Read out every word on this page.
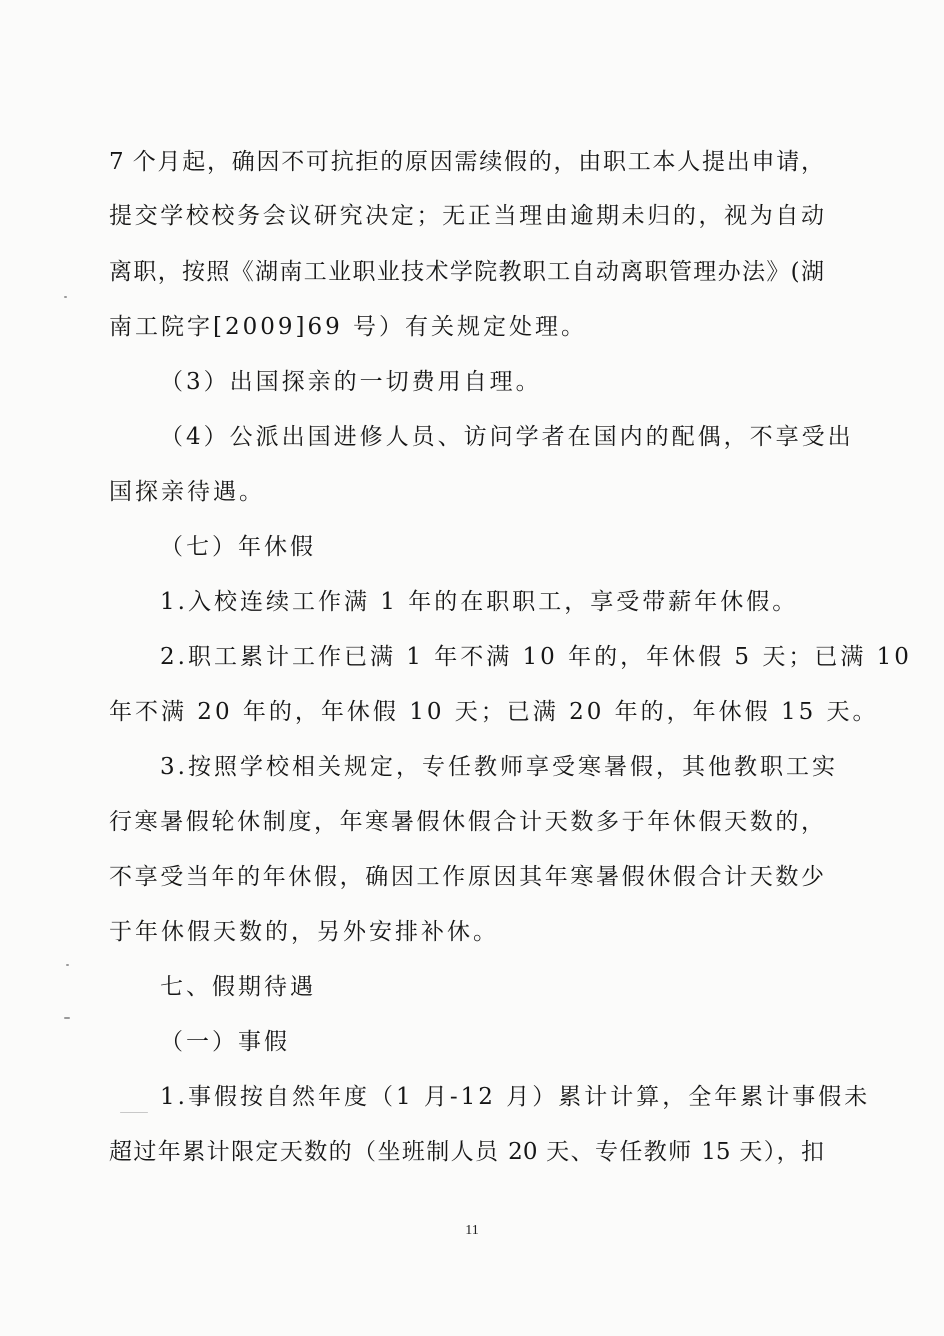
7 个月起，确因不可抗拒的原因需续假的，由职工本人提出申请，
提交学校校务会议研究决定；无正当理由逾期未归的，视为自动
离职，按照《湖南工业职业技术学院教职工自动离职管理办法》(湖
南工院字[2009]69 号）有关规定处理。
（3）出国探亲的一切费用自理。
（4）公派出国进修人员、访问学者在国内的配偶，不享受出
国探亲待遇。
（七）年休假
1.入校连续工作满 1 年的在职职工，享受带薪年休假。
2.职工累计工作已满 1 年不满 10 年的，年休假 5 天；已满 10
年不满 20 年的，年休假 10 天；已满 20 年的，年休假 15 天。
3.按照学校相关规定，专任教师享受寒暑假，其他教职工实
行寒暑假轮休制度，年寒暑假休假合计天数多于年休假天数的，
不享受当年的年休假，确因工作原因其年寒暑假休假合计天数少
于年休假天数的，另外安排补休。
七、假期待遇
（一）事假
1.事假按自然年度（1 月-12 月）累计计算，全年累计事假未
超过年累计限定天数的（坐班制人员 20 天、专任教师 15 天），扣
11
